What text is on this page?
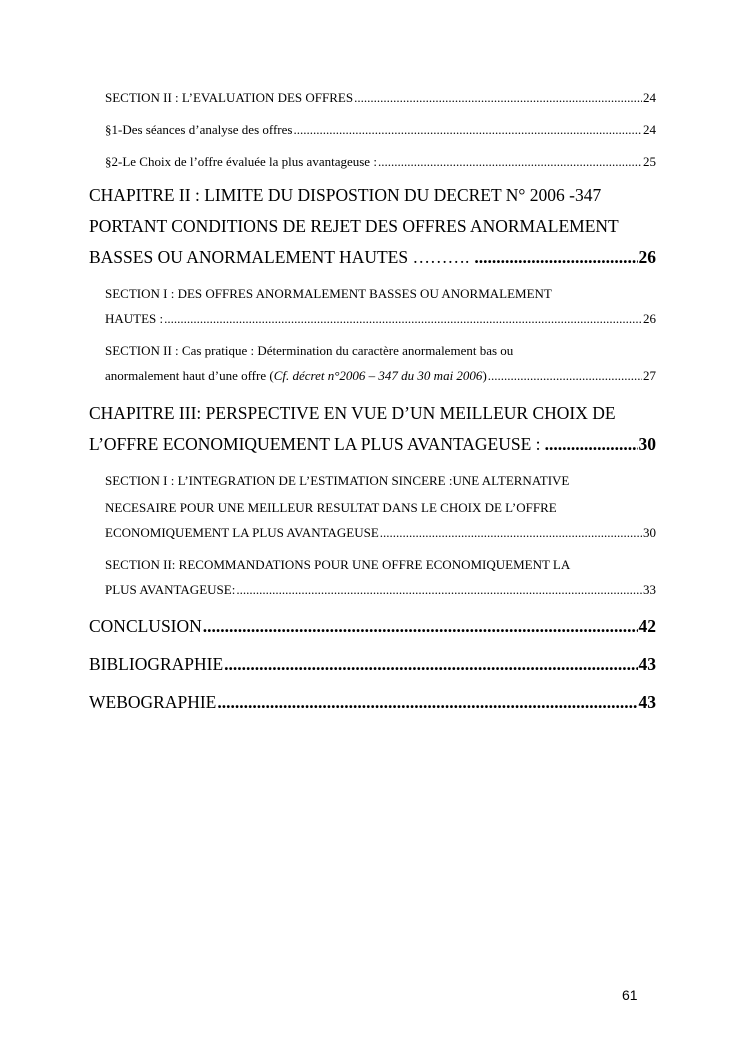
SECTION II : L’EVALUATION DES OFFRES .....	24
§1-Des séances d’analyse des offres .....	24
§2-Le Choix de l’offre évaluée la plus avantageuse : .....	25
CHAPITRE II : LIMITE DU DISPOSTION DU DECRET N° 2006 -347
PORTANT CONDITIONS DE REJET DES OFFRES ANORMALEMENT
BASSES OU ANORMALEMENT HAUTES ………. .....	26
SECTION I : DES OFFRES ANORMALEMENT BASSES OU ANORMALEMENT
HAUTES : .....	26
SECTION II : Cas pratique : Détermination du caractère anormalement bas ou
anormalement haut d’une offre (Cf. décret n°2006 – 347 du 30 mai 2006) .....	27
CHAPITRE III: PERSPECTIVE EN VUE D’UN MEILLEUR CHOIX DE
L’OFFRE ECONOMIQUEMENT LA PLUS AVANTAGEUSE : .....	30
SECTION I : L’INTEGRATION DE L’ESTIMATION SINCERE :UNE ALTERNATIVE
NECESAIRE POUR UNE MEILLEUR RESULTAT DANS LE CHOIX DE L’OFFRE
ECONOMIQUEMENT LA PLUS AVANTAGEUSE .....	30
SECTION II: RECOMMANDATIONS POUR UNE OFFRE ECONOMIQUEMENT LA
PLUS AVANTAGEUSE: .....	33
CONCLUSION .....	42
BIBLIOGRAPHIE .....	43
WEBOGRAPHIE .....	43
61
